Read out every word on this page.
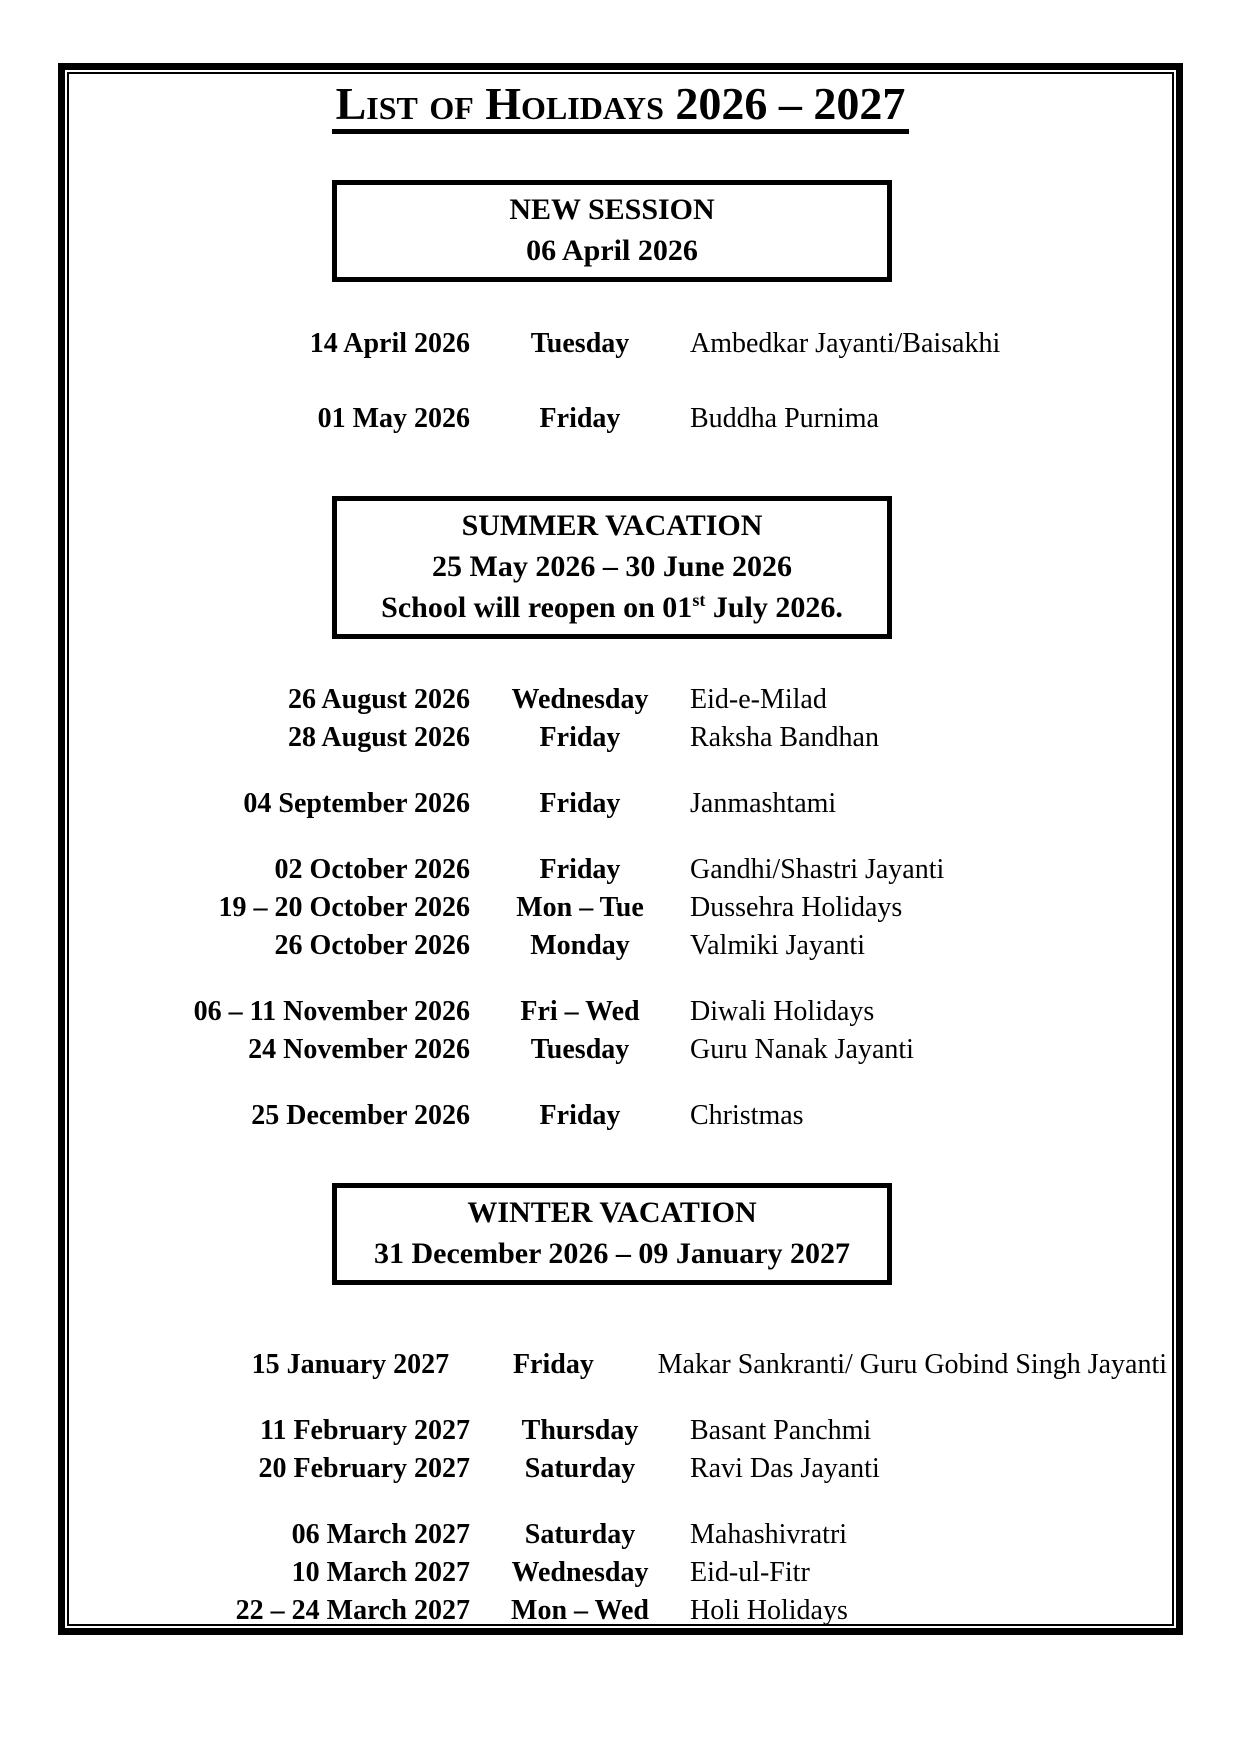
List of Holidays 2026 – 2027
NEW SESSION
06 April 2026
14 April 2026	Tuesday	Ambedkar Jayanti/Baisakhi
01 May 2026	Friday	Buddha Purnima
SUMMER VACATION
25 May 2026 – 30 June 2026
School will reopen on 01st July 2026.
26 August 2026	Wednesday	Eid-e-Milad
28 August 2026	Friday	Raksha Bandhan
04 September 2026	Friday	Janmashtami
02 October 2026	Friday	Gandhi/Shastri Jayanti
19 – 20 October 2026	Mon – Tue	Dussehra Holidays
26 October 2026	Monday	Valmiki Jayanti
06 – 11 November 2026	Fri – Wed	Diwali Holidays
24 November 2026	Tuesday	Guru Nanak Jayanti
25 December 2026	Friday	Christmas
WINTER VACATION
31 December 2026 – 09 January 2027
15 January 2027	Friday	Makar Sankranti/ Guru Gobind Singh Jayanti
11 February 2027	Thursday	Basant Panchmi
20 February 2027	Saturday	Ravi Das Jayanti
06 March 2027	Saturday	Mahashivratri
10 March 2027	Wednesday	Eid-ul-Fitr
22 – 24 March 2027	Mon – Wed	Holi Holidays
